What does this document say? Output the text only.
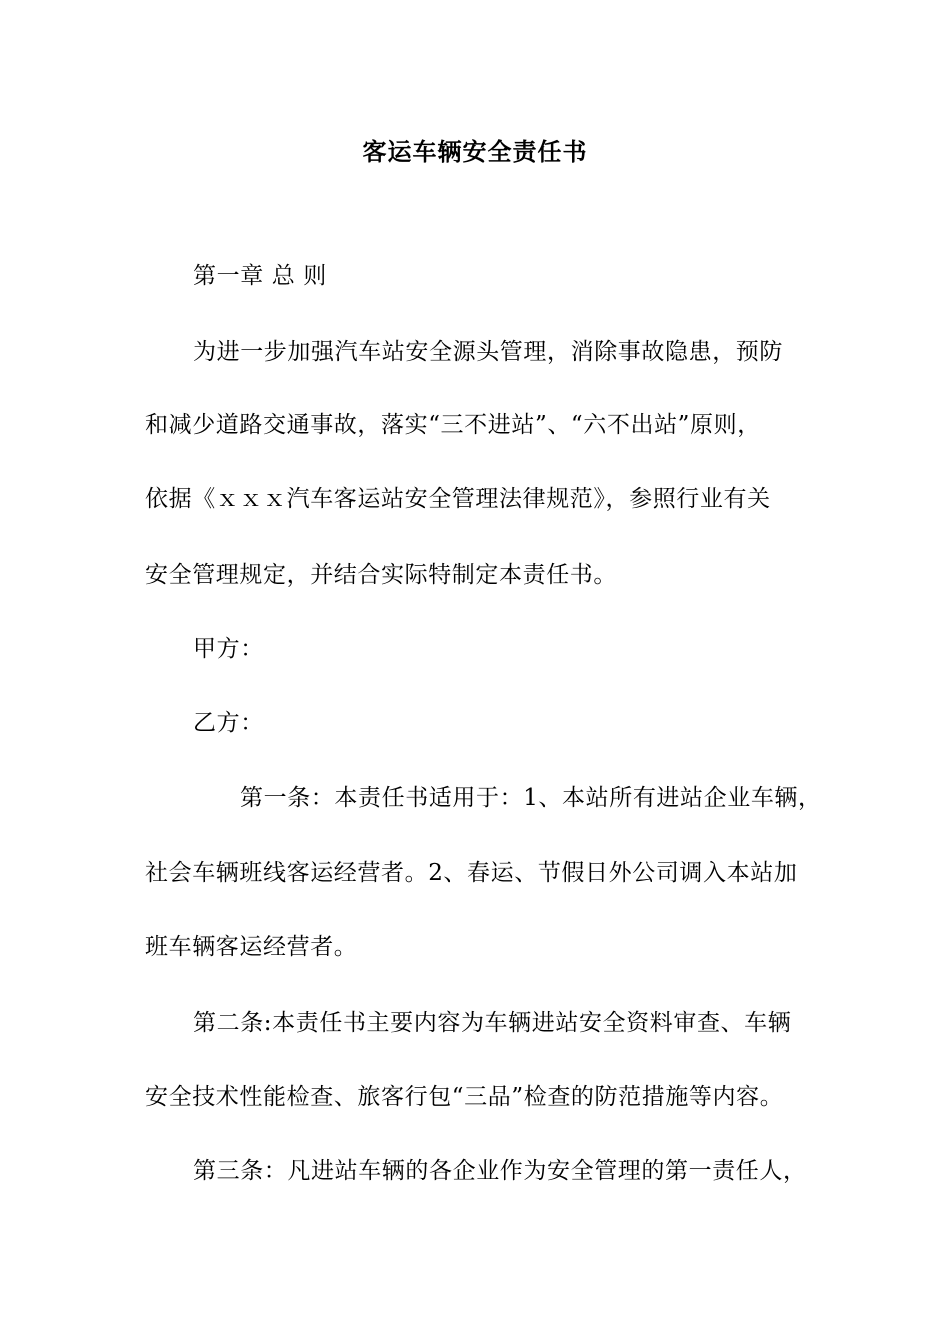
客运车辆安全责任书
第一章 总 则
为进一步加强汽车站安全源头管理，消除事故隐患，预防
和减少道路交通事故，落实“三不进站”、“六不出站”原则，
依据《ｘｘｘ汽车客运站安全管理法律规范》，参照行业有关
安全管理规定，并结合实际特制定本责任书。
甲方：
乙方：
第一条：本责任书适用于：1、本站所有进站企业车辆，
社会车辆班线客运经营者。2、春运、节假日外公司调入本站加
班车辆客运经营者。
第二条:本责任书主要内容为车辆进站安全资料审查、车辆
安全技术性能检查、旅客行包“三品”检查的防范措施等内容。
第三条：凡进站车辆的各企业作为安全管理的第一责任人，
